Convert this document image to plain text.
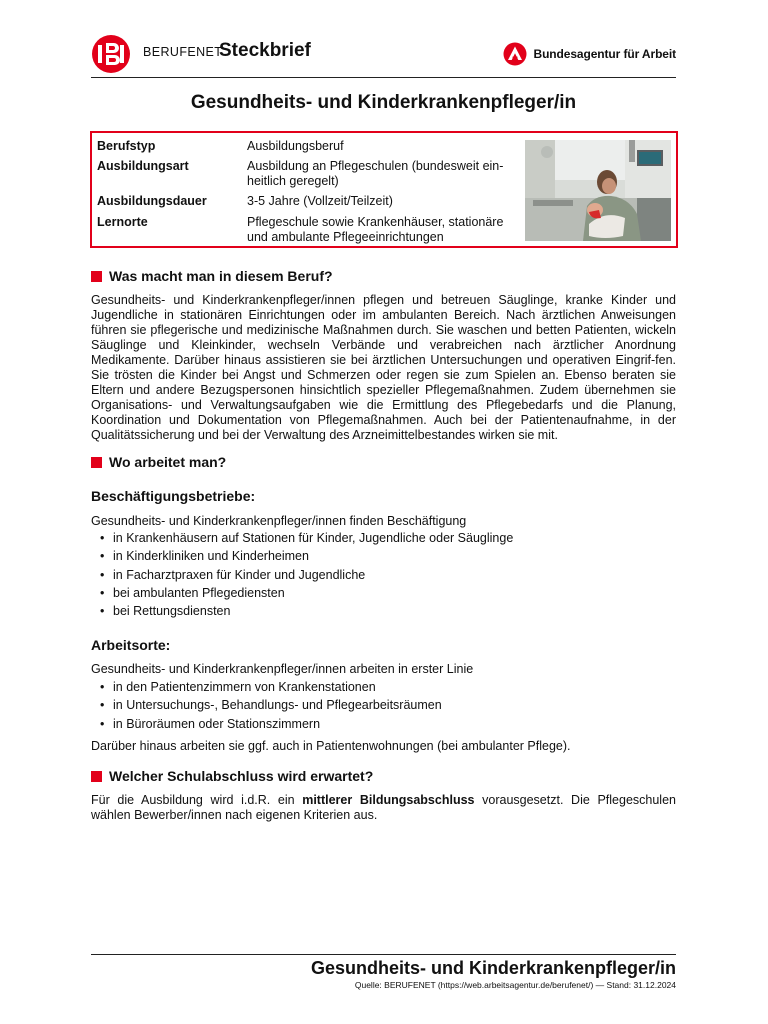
BERUFENET
Steckbrief	Bundesagentur für Arbeit
Gesundheits- und Kinderkrankenpfleger/in
Berufstyp	Ausbildungsberuf
Ausbildungsart	Ausbildung an Pflegeschulen (bundesweit ein-heitlich geregelt)
Ausbildungsdauer	3-5 Jahre (Vollzeit/Teilzeit)
Lernorte	Pflegeschule sowie Krankenhäuser, stationäre und ambulante Pflegeeinrichtungen
Was macht man in diesem Beruf?
Gesundheits- und Kinderkrankenpfleger/innen pflegen und betreuen Säuglinge, kranke Kinder und Jugendliche in stationären Einrichtungen oder im ambulanten Bereich. Nach ärztlichen Anweisungen führen sie pflegerische und medizinische Maßnahmen durch. Sie waschen und betten Patienten, wickeln Säuglinge und Kleinkinder, wechseln Verbände und verabreichen nach ärztlicher Anordnung Medikamente. Darüber hinaus assistieren sie bei ärztlichen Untersuchungen und operativen Eingrif-fen. Sie trösten die Kinder bei Angst und Schmerzen oder regen sie zum Spielen an. Ebenso beraten sie Eltern und andere Bezugspersonen hinsichtlich spezieller Pflegemaßnahmen. Zudem übernehmen sie Organisations- und Verwaltungsaufgaben wie die Ermittlung des Pflegebedarfs und die Planung, Koordination und Dokumentation von Pflegemaßnahmen. Auch bei der Patientenaufnahme, in der Qualitätssicherung und bei der Verwaltung des Arzneimittelbestandes wirken sie mit.
Wo arbeitet man?
Beschäftigungsbetriebe:
Gesundheits- und Kinderkrankenpfleger/innen finden Beschäftigung
• in Krankenhäusern auf Stationen für Kinder, Jugendliche oder Säuglinge
• in Kinderkliniken und Kinderheimen
• in Facharztpraxen für Kinder und Jugendliche
• bei ambulanten Pflegediensten
• bei Rettungsdiensten
Arbeitsorte:
Gesundheits- und Kinderkrankenpfleger/innen arbeiten in erster Linie
• in den Patientenzimmern von Krankenstationen
• in Untersuchungs-, Behandlungs- und Pflegearbeitsräumen
• in Büroräumen oder Stationszimmern
Darüber hinaus arbeiten sie ggf. auch in Patientenwohnungen (bei ambulanter Pflege).
Welcher Schulabschluss wird erwartet?
Für die Ausbildung wird i.d.R. ein mittlerer Bildungsabschluss vorausgesetzt. Die Pflegeschulen wählen Bewerber/innen nach eigenen Kriterien aus.
Gesundheits- und Kinderkrankenpfleger/in
Quelle: BERUFENET (https://web.arbeitsagentur.de/berufenet/) — Stand: 31.12.2024
